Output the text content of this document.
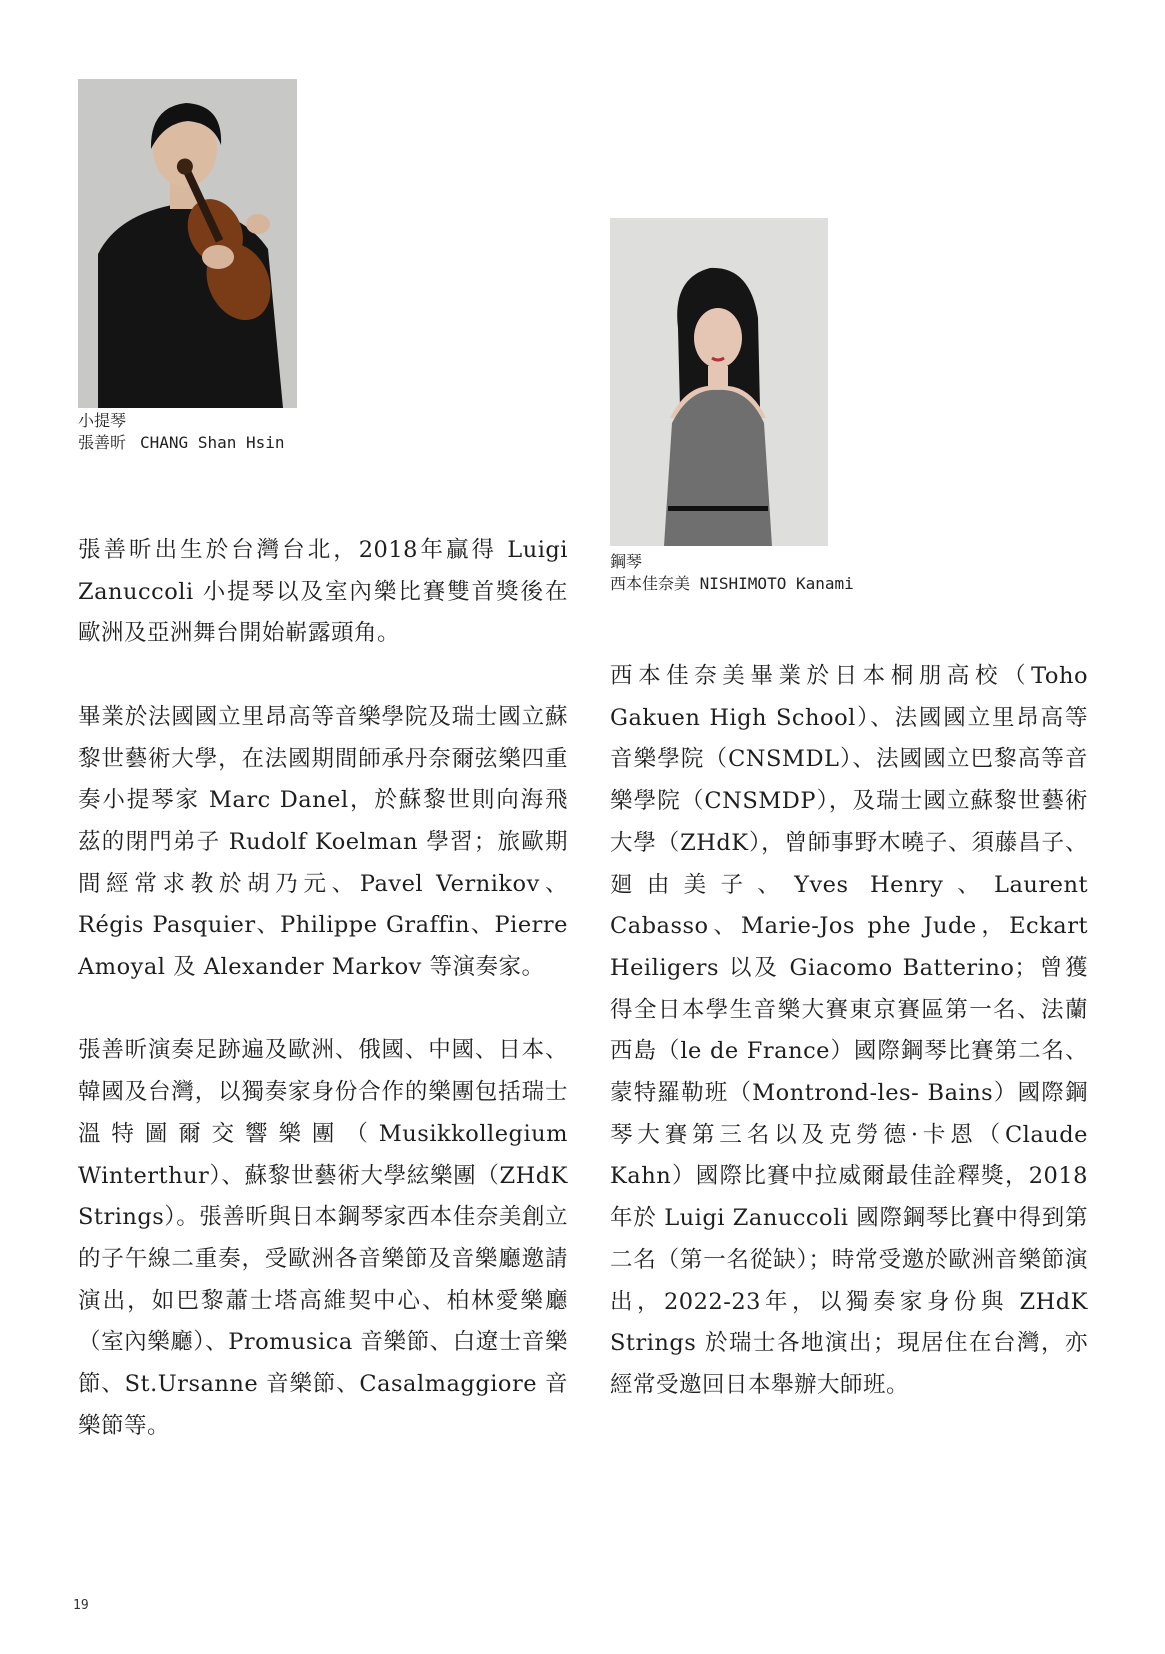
小提琴
張善昕 CHANG Shan Hsin
鋼琴
西本佳奈美 NISHIMOTO Kanami

張善昕出生於台灣台北，2018年贏得 Luigi Zanuccoli 小提琴以及室內樂比賽雙首獎後在歐洲及亞洲舞台開始嶄露頭角。

畢業於法國國立里昂高等音樂學院及瑞士國立蘇黎世藝術大學，在法國期間師承丹奈爾弦樂四重奏小提琴家 Marc Danel，於蘇黎世則向海飛茲的閉門弟子 Rudolf Koelman 學習；旅歐期間經常求教於胡乃元、Pavel Vernikov、Régis Pasquier、Philippe Graffin、Pierre Amoyal 及 Alexander Markov 等演奏家。

張善昕演奏足跡遍及歐洲、俄國、中國、日本、韓國及台灣，以獨奏家身份合作的樂團包括瑞士溫特圖爾交響樂團（Musikkollegium Winterthur）、蘇黎世藝術大學絃樂團（ZHdK Strings）。張善昕與日本鋼琴家西本佳奈美創立的子午線二重奏，受歐洲各音樂節及音樂廳邀請演出，如巴黎蕭士塔高維契中心、柏林愛樂廳（室內樂廳）、Promusica 音樂節、白遼士音樂節、St.Ursanne 音樂節、Casalmaggiore 音樂節等。

西本佳奈美畢業於日本桐朋高校（Toho Gakuen High School）、法國國立里昂高等音樂學院（CNSMDL）、法國國立巴黎高等音樂學院（CNSMDP），及瑞士國立蘇黎世藝術大學（ZHdK），曾師事野木曉子、須藤昌子、廻由美子、Yves Henry、Laurent Cabasso、Marie-Jos phe Jude，Eckart Heiligers 以及 Giacomo Batterino；曾獲得全日本學生音樂大賽東京賽區第一名、法蘭西島（le de France）國際鋼琴比賽第二名、蒙特羅勒班（Montrond-les- Bains）國際鋼琴大賽第三名以及克勞德·卡恩（Claude Kahn）國際比賽中拉威爾最佳詮釋獎，2018年於 Luigi Zanuccoli 國際鋼琴比賽中得到第二名（第一名從缺）；時常受邀於歐洲音樂節演出，2022-23年，以獨奏家身份與 ZHdK Strings 於瑞士各地演出；現居住在台灣，亦經常受邀回日本舉辦大師班。

19
